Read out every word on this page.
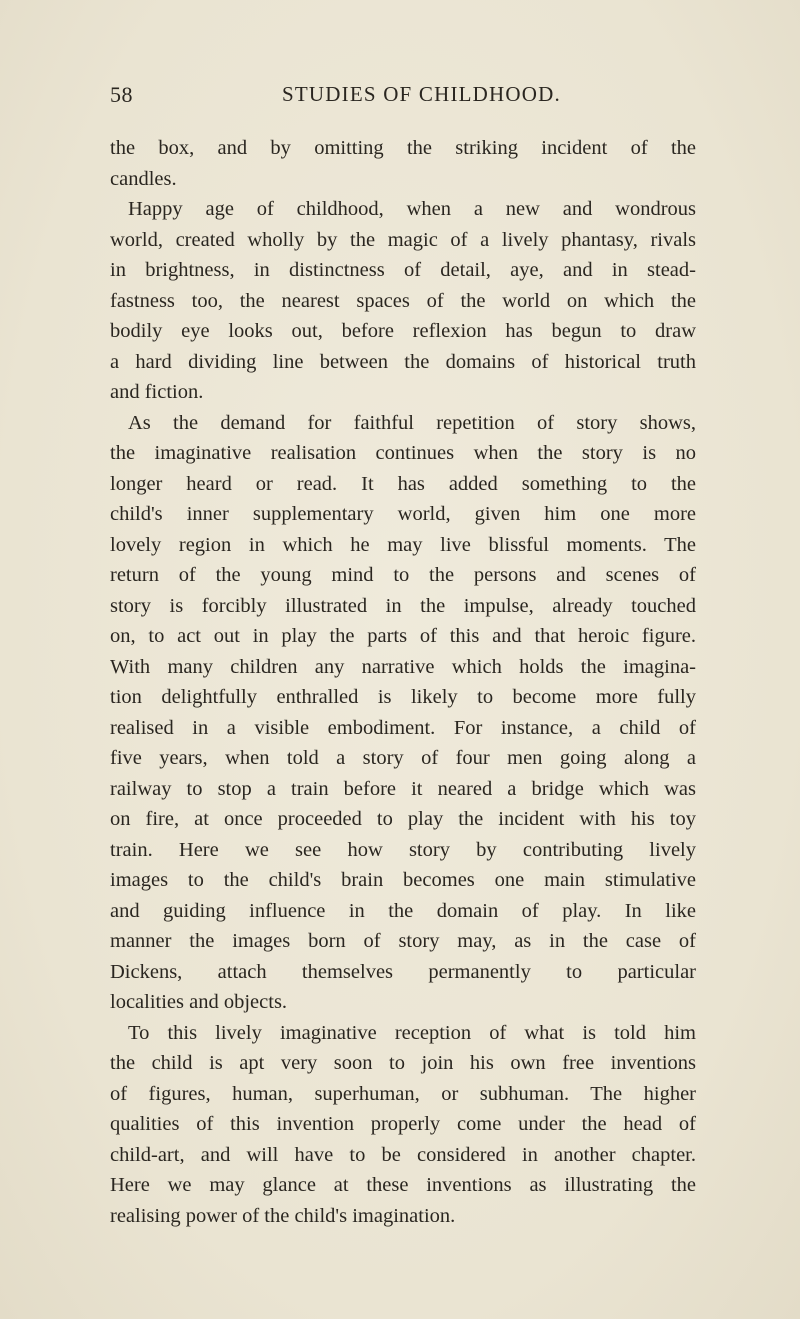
58	STUDIES OF CHILDHOOD.
the box, and by omitting the striking incident of the
candles.
Happy age of childhood, when a new and wondrous
world, created wholly by the magic of a lively phantasy, rivals
in brightness, in distinctness of detail, aye, and in stead-
fastness too, the nearest spaces of the world on which the
bodily eye looks out, before reflexion has begun to draw
a hard dividing line between the domains of historical truth
and fiction.
As the demand for faithful repetition of story shows,
the imaginative realisation continues when the story is no
longer heard or read. It has added something to the
child's inner supplementary world, given him one more
lovely region in which he may live blissful moments. The
return of the young mind to the persons and scenes of
story is forcibly illustrated in the impulse, already touched
on, to act out in play the parts of this and that heroic figure.
With many children any narrative which holds the imagina-
tion delightfully enthralled is likely to become more fully
realised in a visible embodiment. For instance, a child of
five years, when told a story of four men going along a
railway to stop a train before it neared a bridge which was
on fire, at once proceeded to play the incident with his toy
train. Here we see how story by contributing lively
images to the child's brain becomes one main stimulative
and guiding influence in the domain of play. In like
manner the images born of story may, as in the case of
Dickens, attach themselves permanently to particular
localities and objects.
To this lively imaginative reception of what is told him
the child is apt very soon to join his own free inventions
of figures, human, superhuman, or subhuman. The higher
qualities of this invention properly come under the head of
child-art, and will have to be considered in another chapter.
Here we may glance at these inventions as illustrating the
realising power of the child's imagination.
